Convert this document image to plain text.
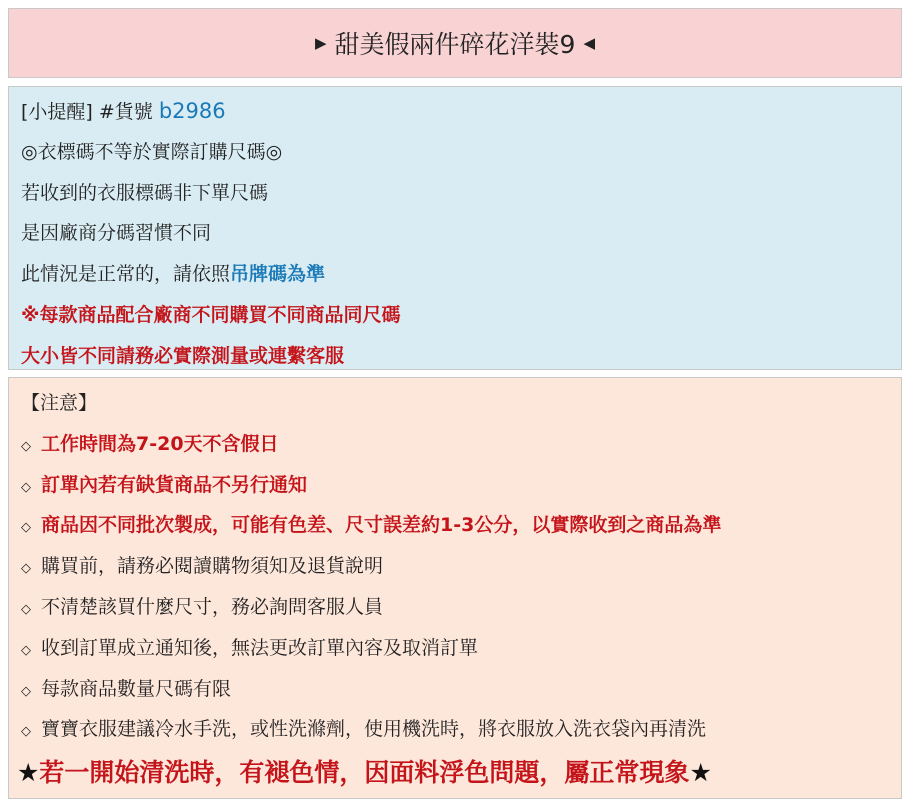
▶ 甜美假兩件碎花洋裝9 ◀
[小提醒] #貨號 b2986
◎衣標碼不等於實際訂購尺碼◎
若收到的衣服標碼非下單尺碼
是因廠商分碼習慣不同
此情況是正常的，請依照吊牌碼為準
※每款商品配合廠商不同購買不同商品同尺碼
大小皆不同請務必實際測量或連繫客服
【注意】
◇ 工作時間為7-20天不含假日
◇ 訂單內若有缺貨商品不另行通知
◇ 商品因不同批次製成，可能有色差、尺寸誤差約1-3公分，以實際收到之商品為準
◇ 購買前，請務必閱讀購物須知及退貨說明
◇ 不清楚該買什麼尺寸，務必詢問客服人員
◇ 收到訂單成立通知後，無法更改訂單內容及取消訂單
◇ 每款商品數量尺碼有限
◇ 寶寶衣服建議冷水手洗，或性洗滌劑，使用機洗時，將衣服放入洗衣袋內再清洗
★若一開始清洗時，有褪色情，因面料浮色問題，屬正常現象★
